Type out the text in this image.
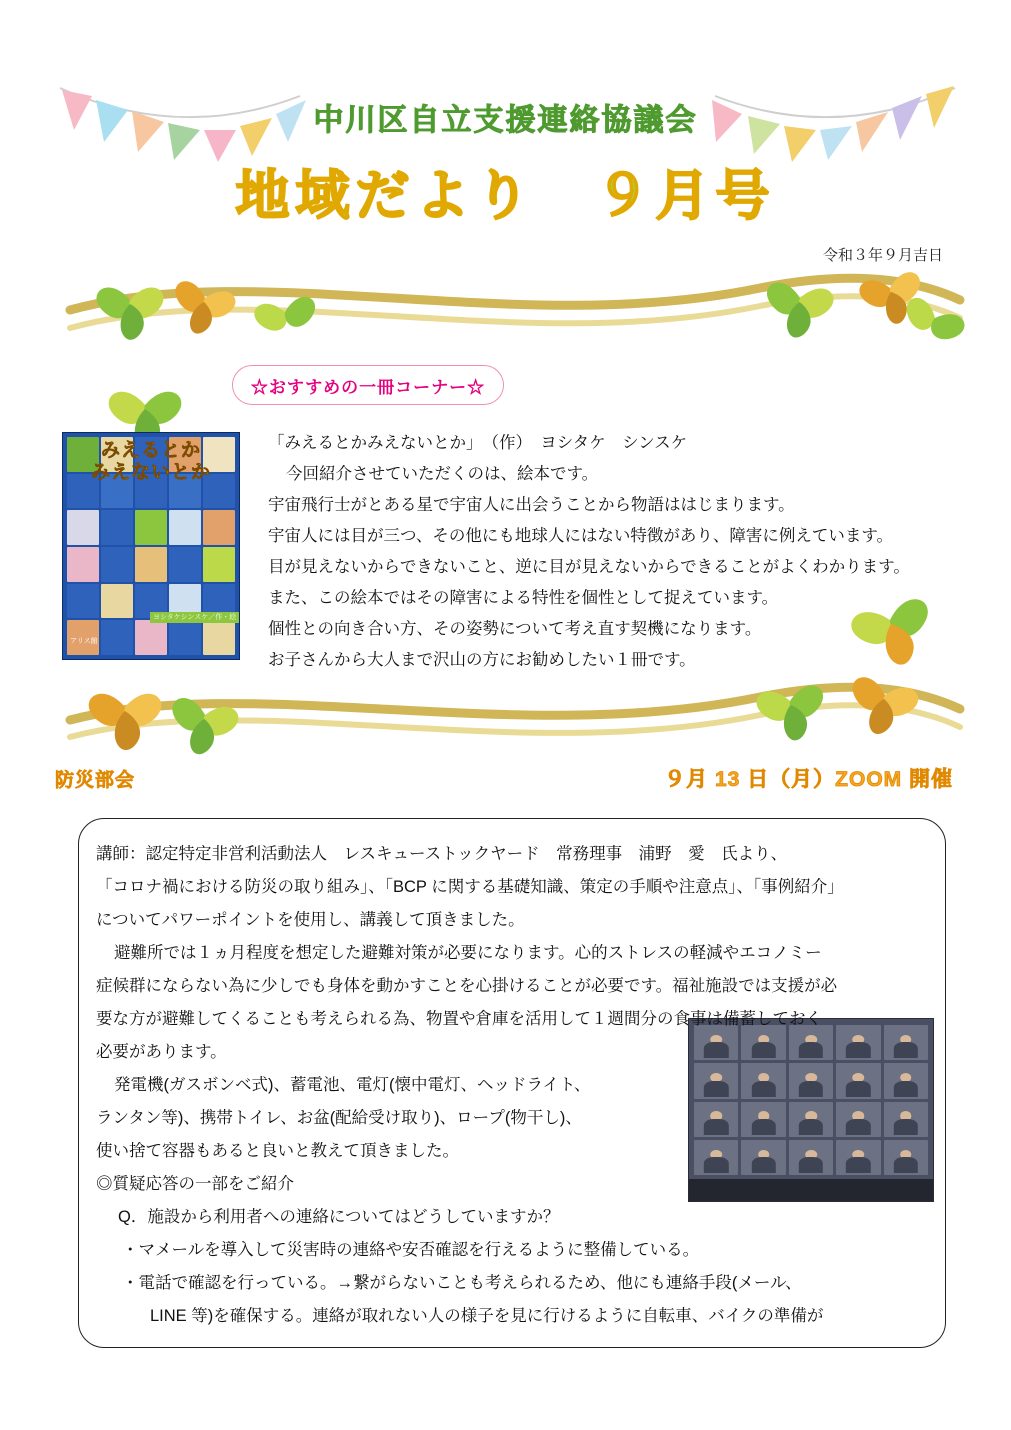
中川区自立支援連絡協議会
地域だより　９月号
令和３年９月吉日
☆おすすめの一冊コーナー☆
みえるとか
みえないとか
ヨシタケシンスケ／作・絵
アリス館

「みえるとかみえないとか」　（作）　ヨシタケ　シンスケ

今回紹介させていただくのは、絵本です。

宇宙飛行士がとある星で宇宙人に出会うことから物語ははじまります。

宇宙人には目が三つ、その他にも地球人にはない特徴があり、障害に例えています。

目が見えないからできないこと、逆に目が見えないからできることがよくわかります。

また、この絵本ではその障害による特性を個性として捉えています。

個性との向き合い方、その姿勢について考え直す契機になります。

お子さんから大人まで沢山の方にお勧めしたい１冊です。

防災部会	９月 13 日（月）ZOOM 開催

講師：認定特定非営利活動法人　レスキューストックヤード　常務理事　浦野　愛　氏より、

「コロナ禍における防災の取り組み」、「BCP に関する基礎知識、策定の手順や注意点」、「事例紹介」

についてパワーポイントを使用し、講義して頂きました。

避難所では１ヵ月程度を想定した避難対策が必要になります。心的ストレスの軽減やエコノミー

症候群にならない為に少しでも身体を動かすことを心掛けることが必要です。福祉施設では支援が必

要な方が避難してくることも考えられる為、物置や倉庫を活用して１週間分の食事は備蓄しておく

必要があります。

発電機(ガスボンベ式)、蓄電池、電灯(懐中電灯、ヘッドライト、

ランタン等)、携帯トイレ、お盆(配給受け取り)、ロープ(物干し)、

使い捨て容器もあると良いと教えて頂きました。

◎質疑応答の一部をご紹介

Q．施設から利用者への連絡についてはどうしていますか？

・マメールを導入して災害時の連絡や安否確認を行えるように整備している。

・電話で確認を行っている。→繋がらないことも考えられるため、他にも連絡手段(メール、

LINE 等)を確保する。連絡が取れない人の様子を見に行けるように自転車、バイクの準備が
